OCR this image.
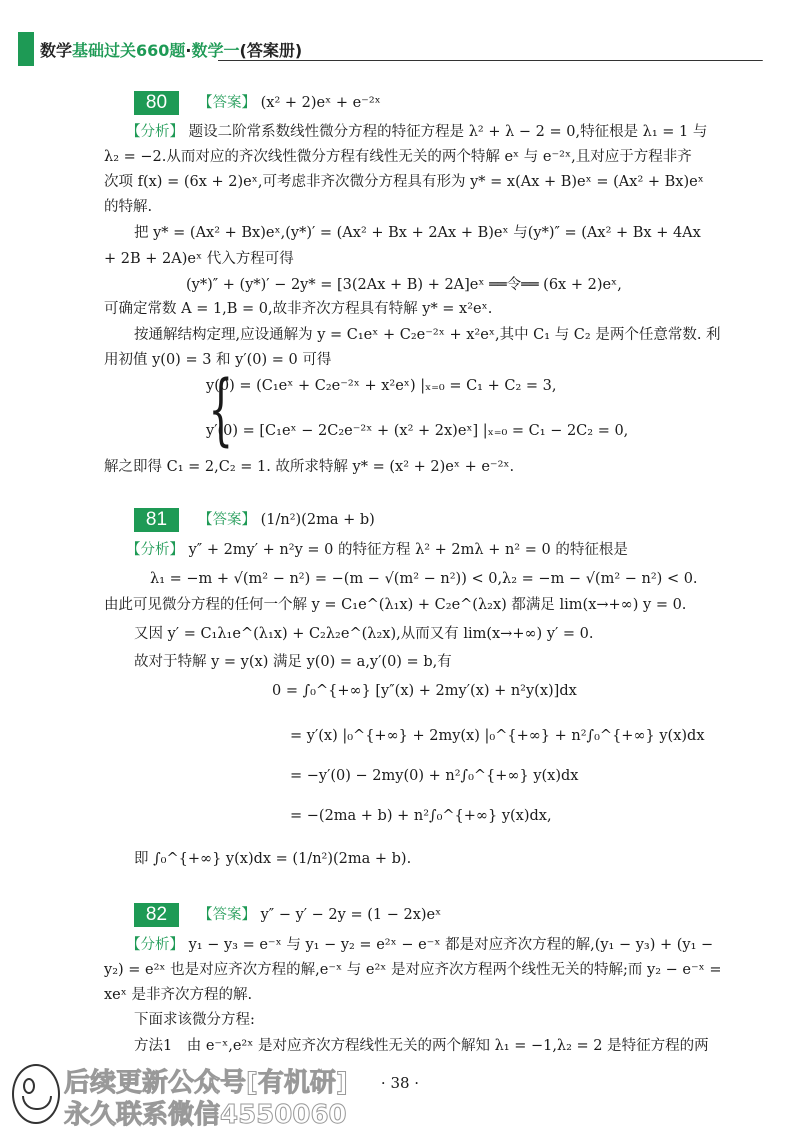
数学基础过关660题·数学一(答案册)
80	【答案】 (x² + 2)eˣ + e⁻²ˣ
【分析】 题设二阶常系数线性微分方程的特征方程是 λ² + λ − 2 = 0,特征根是 λ₁ = 1 与
λ₂ = −2.从而对应的齐次线性微分方程有线性无关的两个特解 eˣ 与 e⁻²ˣ,且对应于方程非齐
次项 f(x) = (6x + 2)eˣ,可考虑非齐次微分方程具有形为 y* = x(Ax + B)eˣ = (Ax² + Bx)eˣ
的特解.
把 y* = (Ax² + Bx)eˣ,(y*)′ = (Ax² + Bx + 2Ax + B)eˣ 与(y*)″ = (Ax² + Bx + 4Ax
+ 2B + 2A)eˣ 代入方程可得
(y*)″ + (y*)′ − 2y* = [3(2Ax + B) + 2A]eˣ ══令══ (6x + 2)eˣ,
可确定常数 A = 1,B = 0,故非齐次方程具有特解 y* = x²eˣ.
按通解结构定理,应设通解为 y = C₁eˣ + C₂e⁻²ˣ + x²eˣ,其中 C₁ 与 C₂ 是两个任意常数. 利
用初值 y(0) = 3 和 y′(0) = 0 可得
{
y(0) = (C₁eˣ + C₂e⁻²ˣ + x²eˣ) |ₓ₌₀ = C₁ + C₂ = 3,
y′(0) = [C₁eˣ − 2C₂e⁻²ˣ + (x² + 2x)eˣ] |ₓ₌₀ = C₁ − 2C₂ = 0,
解之即得 C₁ = 2,C₂ = 1. 故所求特解 y* = (x² + 2)eˣ + e⁻²ˣ.
81	【答案】 (1/n²)(2ma + b)
【分析】 y″ + 2my′ + n²y = 0 的特征方程 λ² + 2mλ + n² = 0 的特征根是
λ₁ = −m + √(m² − n²) = −(m − √(m² − n²)) < 0,λ₂ = −m − √(m² − n²) < 0.
由此可见微分方程的任何一个解 y = C₁e^(λ₁x) + C₂e^(λ₂x) 都满足 lim(x→+∞) y = 0.
又因 y′ = C₁λ₁e^(λ₁x) + C₂λ₂e^(λ₂x),从而又有 lim(x→+∞) y′ = 0.
故对于特解 y = y(x) 满足 y(0) = a,y′(0) = b,有
0 = ∫₀^{+∞} [y″(x) + 2my′(x) + n²y(x)]dx
= y′(x) |₀^{+∞} + 2my(x) |₀^{+∞} + n²∫₀^{+∞} y(x)dx
= −y′(0) − 2my(0) + n²∫₀^{+∞} y(x)dx
= −(2ma + b) + n²∫₀^{+∞} y(x)dx,
即 ∫₀^{+∞} y(x)dx = (1/n²)(2ma + b).
82	【答案】 y″ − y′ − 2y = (1 − 2x)eˣ
【分析】 y₁ − y₃ = e⁻ˣ 与 y₁ − y₂ = e²ˣ − e⁻ˣ 都是对应齐次方程的解,(y₁ − y₃) + (y₁ −
y₂) = e²ˣ 也是对应齐次方程的解,e⁻ˣ 与 e²ˣ 是对应齐次方程两个线性无关的特解;而 y₂ − e⁻ˣ =
xeˣ 是非齐次方程的解.
下面求该微分方程:
方法1　由 e⁻ˣ,e²ˣ 是对应齐次方程线性无关的两个解知 λ₁ = −1,λ₂ = 2 是特征方程的两
· 38 ·
后续更新公众号[有机研]
永久联系微信4550060
